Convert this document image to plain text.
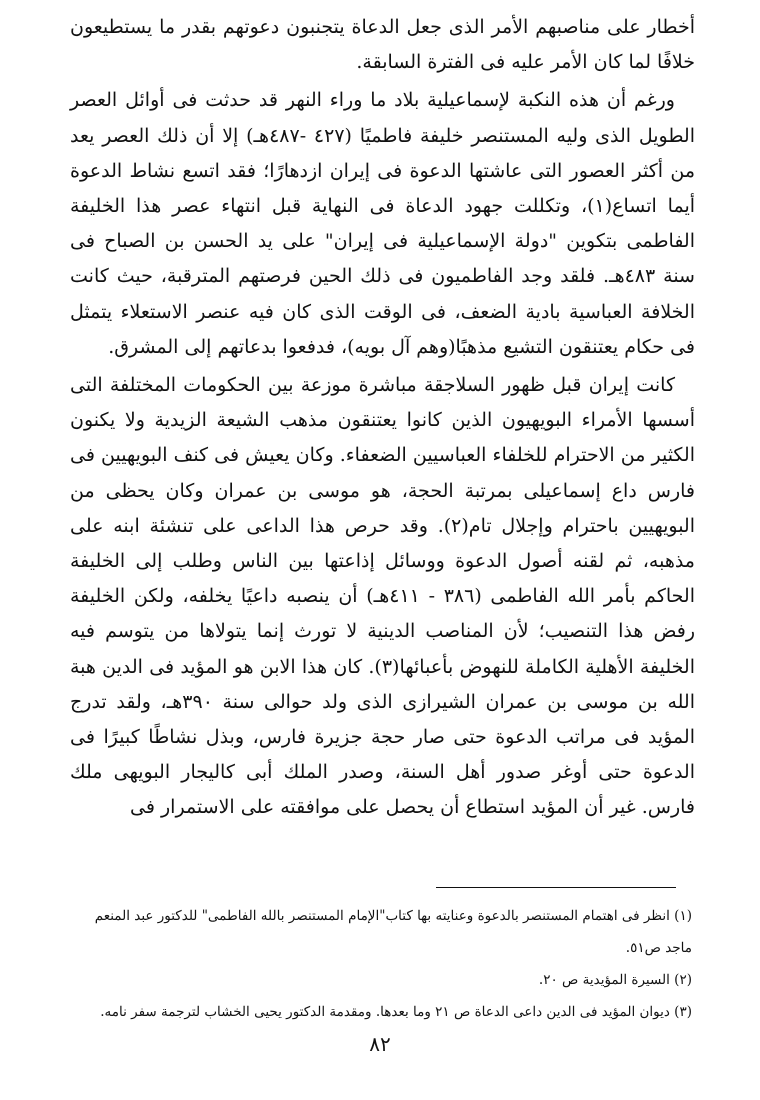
أخطار على مناصبهم الأمر الذى جعل الدعاة يتجنبون دعوتهم بقدر ما يستطيعون خلافًا لما كان الأمر عليه فى الفترة السابقة.

ورغم أن هذه النكبة لإسماعيلية بلاد ما وراء النهر قد حدثت فى أوائل العصر الطويل الذى وليه المستنصر خليفة فاطميًا (٤٢٧ -٤٨٧هـ) إلا أن ذلك العصر يعد من أكثر العصور التى عاشتها الدعوة فى إيران ازدهارًا؛ فقد اتسع نشاط الدعوة أيما اتساع(١)، وتكللت جهود الدعاة فى النهاية قبل انتهاء عصر هذا الخليفة الفاطمى بتكوين "دولة الإسماعيلية فى إيران" على يد الحسن بن الصباح فى سنة ٤٨٣هـ. فلقد وجد الفاطميون فى ذلك الحين فرصتهم المترقبة، حيث كانت الخلافة العباسية بادية الضعف، فى الوقت الذى كان فيه عنصر الاستعلاء يتمثل فى حكام يعتنقون التشيع مذهبًا(وهم آل بويه)، فدفعوا بدعاتهم إلى المشرق.

كانت إيران قبل ظهور السلاجقة مباشرة موزعة بين الحكومات المختلفة التى أسسها الأمراء البويهيون الذين كانوا يعتنقون مذهب الشيعة الزيدية ولا يكنون الكثير من الاحترام للخلفاء العباسيين الضعفاء. وكان يعيش فى كنف البويهيين فى فارس داع إسماعيلى بمرتبة الحجة، هو موسى بن عمران وكان يحظى من البويهيين باحترام وإجلال تام(٢). وقد حرص هذا الداعى على تنشئة ابنه على مذهبه، ثم لقنه أصول الدعوة ووسائل إذاعتها بين الناس وطلب إلى الخليفة الحاكم بأمر الله الفاطمى (٣٨٦ - ٤١١هـ) أن ينصبه داعيًا يخلفه، ولكن الخليفة رفض هذا التنصيب؛ لأن المناصب الدينية لا تورث إنما يتولاها من يتوسم فيه الخليفة الأهلية الكاملة للنهوض بأعبائها(٣). كان هذا الابن هو المؤيد فى الدين هبة الله بن موسى بن عمران الشيرازى الذى ولد حوالى سنة ٣٩٠هـ، ولقد تدرج المؤيد فى مراتب الدعوة حتى صار حجة جزيرة فارس، وبذل نشاطًا كبيرًا فى الدعوة حتى أوغر صدور أهل السنة، وصدر الملك أبى كاليجار البويهى ملك فارس. غير أن المؤيد استطاع أن يحصل على موافقته على الاستمرار فى

(١) انظر فى اهتمام المستنصر بالدعوة وعنايته بها كتاب"الإمام المستنصر بالله الفاطمى" للدكتور عبد المنعم ماجد ص٥١.

(٢) السيرة المؤيدية ص ٢٠.

(٣) ديوان المؤيد فى الدين داعى الدعاة ص ٢١ وما بعدها. ومقدمة الدكتور يحيى الخشاب لترجمة سفر نامه.

٨٢
